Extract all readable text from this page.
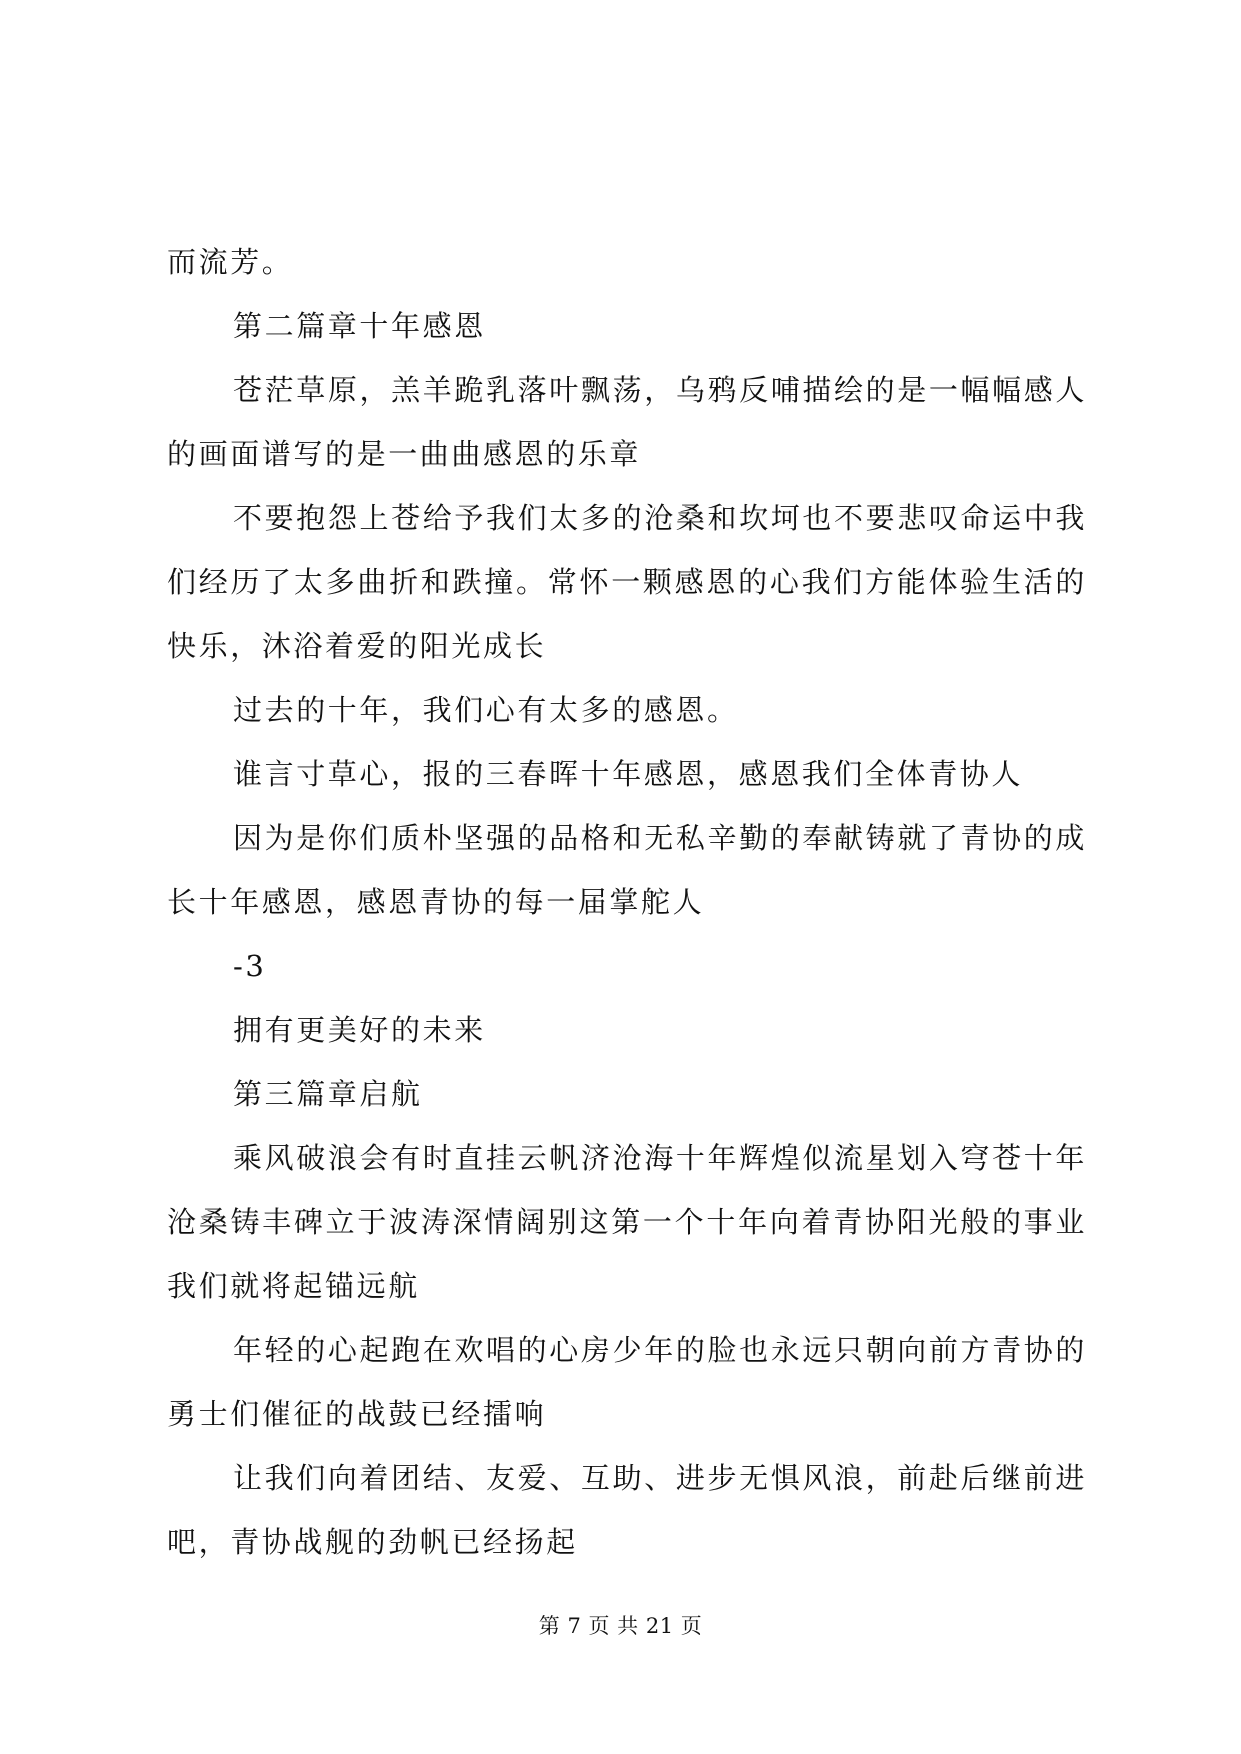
而流芳。

第二篇章十年感恩

苍茫草原，羔羊跪乳落叶飘荡，乌鸦反哺描绘的是一幅幅感人的画面谱写的是一曲曲感恩的乐章

不要抱怨上苍给予我们太多的沧桑和坎坷也不要悲叹命运中我们经历了太多曲折和跌撞。常怀一颗感恩的心我们方能体验生活的快乐，沐浴着爱的阳光成长

过去的十年，我们心有太多的感恩。

谁言寸草心，报的三春晖十年感恩，感恩我们全体青协人

因为是你们质朴坚强的品格和无私辛勤的奉献铸就了青协的成长十年感恩，感恩青协的每一届掌舵人

-3

拥有更美好的未来

第三篇章启航

乘风破浪会有时直挂云帆济沧海十年辉煌似流星划入穹苍十年沧桑铸丰碑立于波涛深情阔别这第一个十年向着青协阳光般的事业我们就将起锚远航

年轻的心起跑在欢唱的心房少年的脸也永远只朝向前方青协的勇士们催征的战鼓已经擂响

让我们向着团结、友爱、互助、进步无惧风浪，前赴后继前进吧，青协战舰的劲帆已经扬起

第 7 页 共 21 页
